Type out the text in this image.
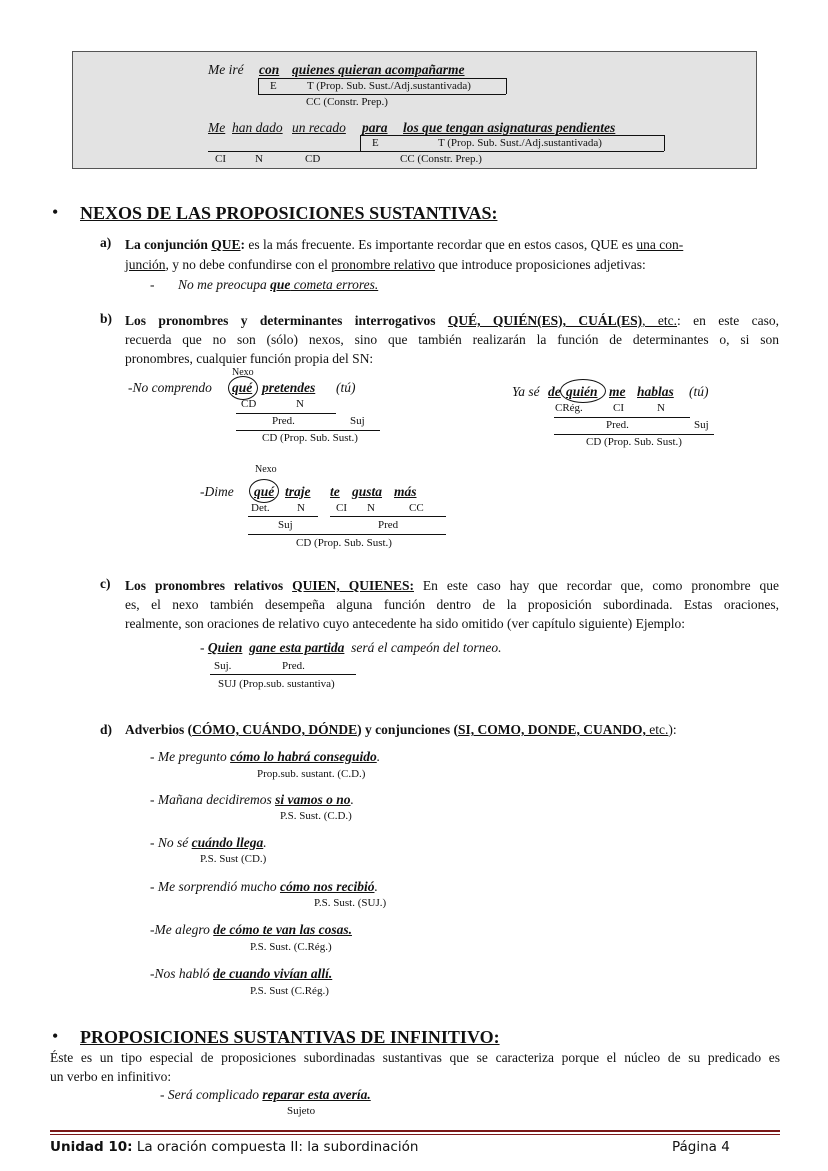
Me iré con quienes quieran acompañarme
E	T (Prop. Sub. Sust./Adj.sustantivada)
CC (Constr. Prep.)
Me han dado un recado para los que tengan asignaturas pendientes
E	T (Prop. Sub. Sust./Adj.sustantivada)
CI	N	CD	CC (Constr. Prep.)
• NEXOS DE LAS PROPOSICIONES SUSTANTIVAS:
a) La conjunción QUE: es la más frecuente. Es importante recordar que en estos casos, QUE es una con-
junción, y no debe confundirse con el pronombre relativo que introduce proposiciones adjetivas:
- No me preocupa que cometa errores.
b) Los pronombres y determinantes interrogativos QUÉ, QUIÉN(ES), CUÁL(ES), etc.: en este caso,
recuerda que no son (sólo) nexos, sino que también realizarán la función de determinantes o, si son
pronombres, cualquier función propia del SN:
Nexo
-No comprendo qué pretendes (tú)
CD	N
Pred.	Suj
CD (Prop. Sub. Sust.)
Ya sé de quién me hablas (tú)
CRég.	CI	N
Pred.	Suj
CD (Prop. Sub. Sust.)
Nexo
-Dime qué traje te gusta más
Det. N	CI N	CC
Suj	Pred
CD (Prop. Sub. Sust.)
c) Los pronombres relativos QUIEN, QUIENES: En este caso hay que recordar que, como pronombre que
es, el nexo también desempeña alguna función dentro de la proposición subordinada. Estas oraciones,
realmente, son oraciones de relativo cuyo antecedente ha sido omitido (ver capítulo siguiente) Ejemplo:
- Quien gane esta partida será el campeón del torneo.
Suj.	Pred.
SUJ (Prop.sub. sustantiva)
d) Adverbios (CÓMO, CUÁNDO, DÓNDE) y conjunciones (SI, COMO, DONDE, CUANDO, etc.):
- Me pregunto cómo lo habrá conseguido.
Prop.sub. sustant. (C.D.)
- Mañana decidiremos si vamos o no.
P.S. Sust. (C.D.)
- No sé cuándo llega.
P.S. Sust (CD.)
- Me sorprendió mucho cómo nos recibió.
P.S. Sust. (SUJ.)
-Me alegro de cómo te van las cosas.
P.S. Sust. (C.Rég.)
-Nos habló de cuando vivían allí.
P.S. Sust (C.Rég.)
• PROPOSICIONES SUSTANTIVAS DE INFINITIVO:
Éste es un tipo especial de proposiciones subordinadas sustantivas que se caracteriza porque el núcleo de su predicado es
un verbo en infinitivo:
- Será complicado reparar esta avería.
Sujeto
Unidad 10: La oración compuesta II: la subordinación	Página 4
